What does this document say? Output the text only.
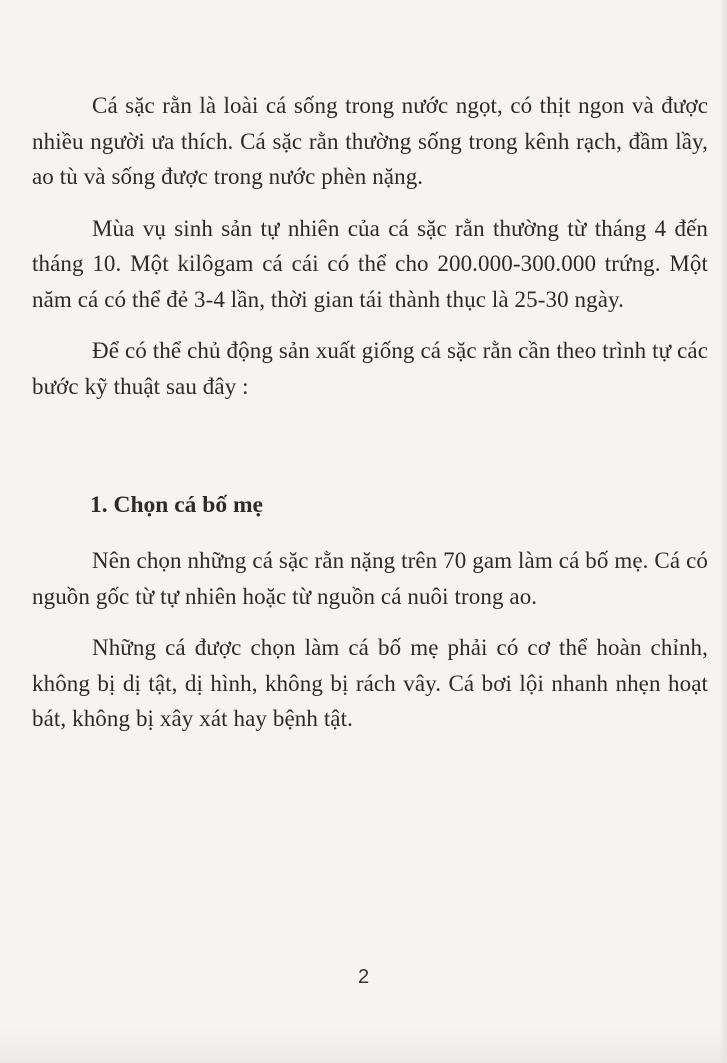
Cá sặc rằn là loài cá sống trong nước ngọt, có thịt ngon và được nhiều người ưa thích. Cá sặc rằn thường sống trong kênh rạch, đầm lầy, ao tù và sống được trong nước phèn nặng.

Mùa vụ sinh sản tự nhiên của cá sặc rằn thường từ tháng 4 đến tháng 10. Một kilôgam cá cái có thể cho 200.000-300.000 trứng. Một năm cá có thể đẻ 3-4 lần, thời gian tái thành thục là 25-30 ngày.

Để có thể chủ động sản xuất giống cá sặc rằn cần theo trình tự các bước kỹ thuật sau đây :

1. Chọn cá bố mẹ

Nên chọn những cá sặc rằn nặng trên 70 gam làm cá bố mẹ. Cá có nguồn gốc từ tự nhiên hoặc từ nguồn cá nuôi trong ao.

Những cá được chọn làm cá bố mẹ phải có cơ thể hoàn chỉnh, không bị dị tật, dị hình, không bị rách vây. Cá bơi lội nhanh nhẹn hoạt bát, không bị xây xát hay bệnh tật.

2
